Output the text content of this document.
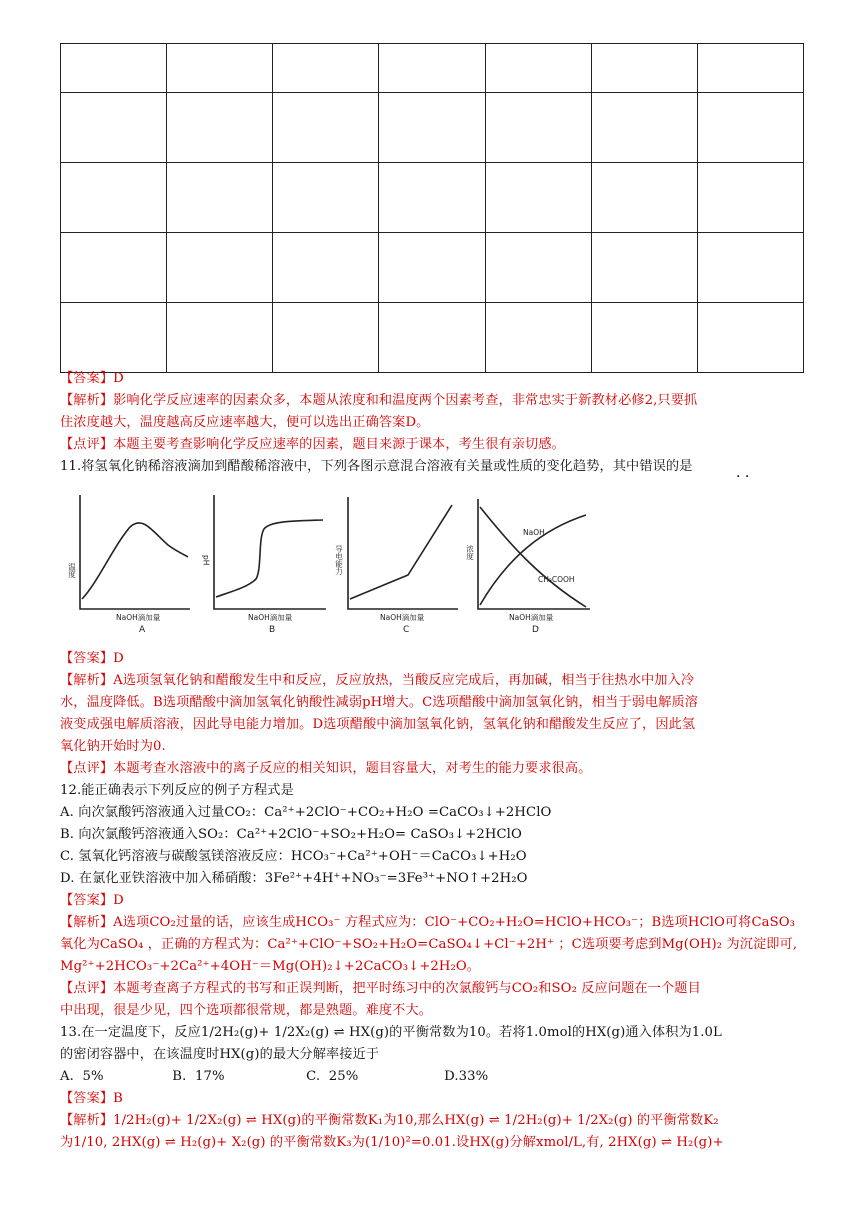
【答案】D
【解析】影响化学反应速率的因素众多，本题从浓度和和温度两个因素考查，非常忠实于新教材必修2,只要抓
住浓度越大，温度越高反应速率越大，便可以选出正确答案D。
【点评】本题主要考查影响化学反应速率的因素，题目来源于课本，考生很有亲切感。
11.将氢氧化钠稀溶液滴加到醋酸稀溶液中，下列各图示意混合溶液有关量或性质的变化趋势，其中错误的是
· ·
温度
NaOH滴加量
A
pH
NaOH滴加量
B
导电能力
NaOH滴加量
C
浓度
NaOH滴加量
D
NaOH
CH₃COOH
【答案】D
【解析】A选项氢氧化钠和醋酸发生中和反应，反应放热，当酸反应完成后，再加碱，相当于往热水中加入冷
水，温度降低。B选项醋酸中滴加氢氧化钠酸性减弱pH增大。C选项醋酸中滴加氢氧化钠，相当于弱电解质溶
液变成强电解质溶液，因此导电能力增加。D选项醋酸中滴加氢氧化钠，氢氧化钠和醋酸发生反应了，因此氢
氧化钠开始时为0.
【点评】本题考查水溶液中的离子反应的相关知识，题目容量大，对考生的能力要求很高。
12.能正确表示下列反应的例子方程式是
A. 向次氯酸钙溶液通入过量CO₂：Ca²⁺+2ClO⁻+CO₂+H₂O =CaCO₃↓+2HClO
B. 向次氯酸钙溶液通入SO₂：Ca²⁺+2ClO⁻+SO₂+H₂O= CaSO₃↓+2HClO
C. 氢氧化钙溶液与碳酸氢镁溶液反应：HCO₃⁻+Ca²⁺+OH⁻＝CaCO₃↓+H₂O
D. 在氯化亚铁溶液中加入稀硝酸：3Fe²⁺+4H⁺+NO₃⁻=3Fe³⁺+NO↑+2H₂O
【答案】D
【解析】A选项CO₂过量的话，应该生成HCO₃⁻ 方程式应为：ClO⁻+CO₂+H₂O=HClO+HCO₃⁻；B选项HClO可将CaSO₃
氧化为CaSO₄ ，正确的方程式为：Ca²⁺+ClO⁻+SO₂+H₂O=CaSO₄↓+Cl⁻+2H⁺ ；C选项要考虑到Mg(OH)₂ 为沉淀即可,
Mg²⁺+2HCO₃⁻+2Ca²⁺+4OH⁻＝Mg(OH)₂↓+2CaCO₃↓+2H₂O。
【点评】本题考查离子方程式的书写和正误判断，把平时练习中的次氯酸钙与CO₂和SO₂ 反应问题在一个题目
中出现，很是少见，四个选项都很常规，都是熟题。难度不大。
13.在一定温度下，反应1/2H₂(g)+ 1/2X₂(g) ⇌ HX(g)的平衡常数为10。若将1.0mol的HX(g)通入体积为1.0L
的密闭容器中，在该温度时HX(g)的最大分解率接近于
A.  5%                B.  17%                   C.  25%                    D.33%
【答案】B
【解析】1/2H₂(g)+ 1/2X₂(g) ⇌ HX(g)的平衡常数K₁为10,那么HX(g) ⇌ 1/2H₂(g)+ 1/2X₂(g) 的平衡常数K₂
为1/10, 2HX(g) ⇌ H₂(g)+ X₂(g) 的平衡常数K₃为(1/10)²=0.01.设HX(g)分解xmol/L,有, 2HX(g) ⇌ H₂(g)+
